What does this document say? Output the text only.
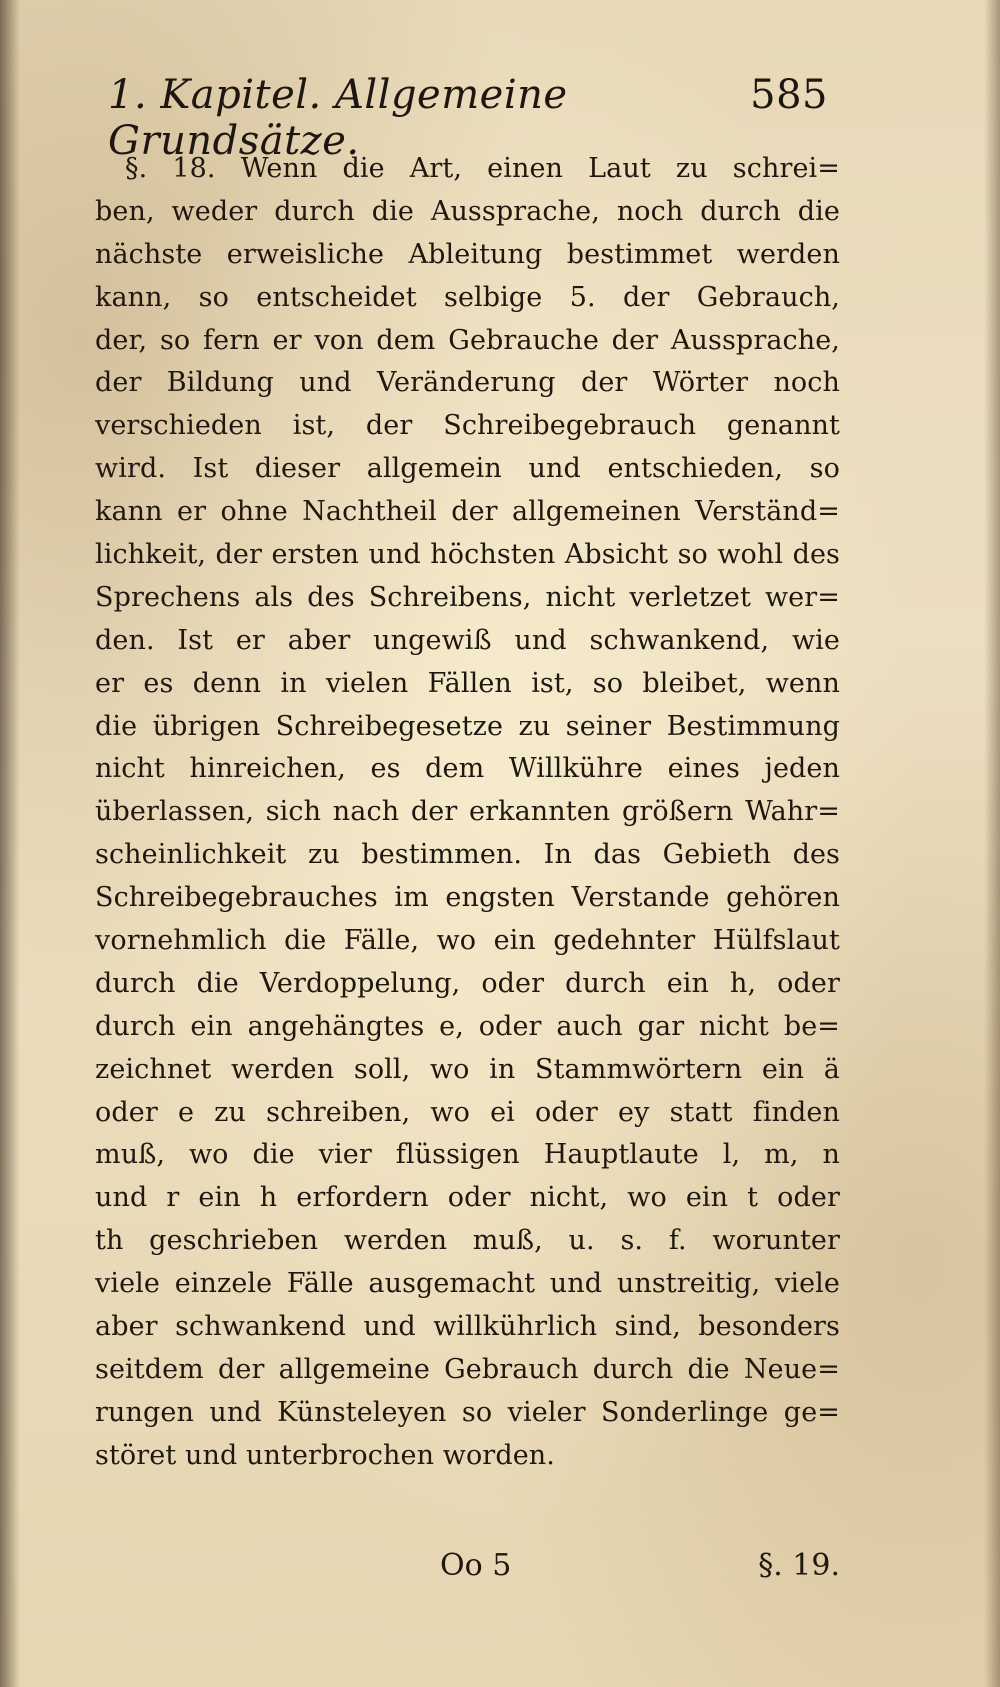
1. Kapitel. Allgemeine Grundsätze.
585
§. 18. Wenn die Art, einen Laut zu schrei=
ben, weder durch die Aussprache, noch durch die
nächste erweisliche Ableitung bestimmet werden
kann, so entscheidet selbige 5. der Gebrauch,
der, so fern er von dem Gebrauche der Aussprache,
der Bildung und Veränderung der Wörter noch
verschieden ist, der Schreibegebrauch genannt
wird. Ist dieser allgemein und entschieden, so
kann er ohne Nachtheil der allgemeinen Verständ=
lichkeit, der ersten und höchsten Absicht so wohl des
Sprechens als des Schreibens, nicht verletzet wer=
den. Ist er aber ungewiß und schwankend, wie
er es denn in vielen Fällen ist, so bleibet, wenn
die übrigen Schreibegesetze zu seiner Bestimmung
nicht hinreichen, es dem Willkühre eines jeden
überlassen, sich nach der erkannten größern Wahr=
scheinlichkeit zu bestimmen. In das Gebieth des
Schreibegebrauches im engsten Verstande gehören
vornehmlich die Fälle, wo ein gedehnter Hülfslaut
durch die Verdoppelung, oder durch ein h, oder
durch ein angehängtes e, oder auch gar nicht be=
zeichnet werden soll, wo in Stammwörtern ein ä
oder e zu schreiben, wo ei oder ey statt finden
muß, wo die vier flüssigen Hauptlaute l, m, n
und r ein h erfordern oder nicht, wo ein t oder
th geschrieben werden muß, u. s. f. worunter
viele einzele Fälle ausgemacht und unstreitig, viele
aber schwankend und willkührlich sind, besonders
seitdem der allgemeine Gebrauch durch die Neue=
rungen und Künsteleyen so vieler Sonderlinge ge=
störet und unterbrochen worden.
Oo 5	§. 19.
